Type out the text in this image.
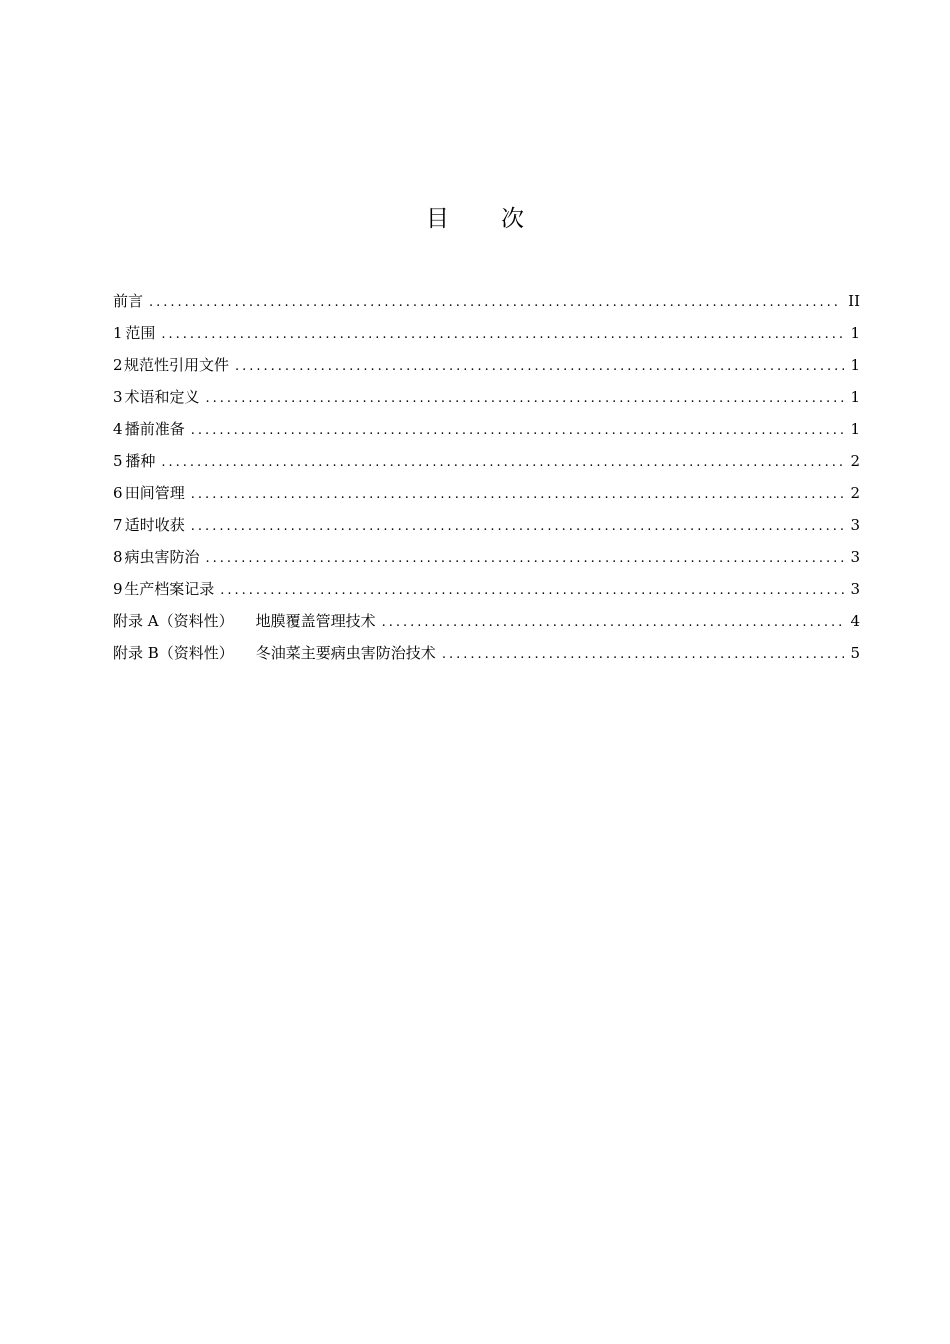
目 次
前言 .....	II
1 范围 .....	1
2 规范性引用文件 .....	1
3 术语和定义 .....	1
4 播前准备 .....	1
5 播种 .....	2
6 田间管理 .....	2
7 适时收获 .....	3
8 病虫害防治 .....	3
9 生产档案记录 .....	3
附录 A（资料性） 地膜覆盖管理技术 .....	4
附录 B（资料性） 冬油菜主要病虫害防治技术 .....	5
